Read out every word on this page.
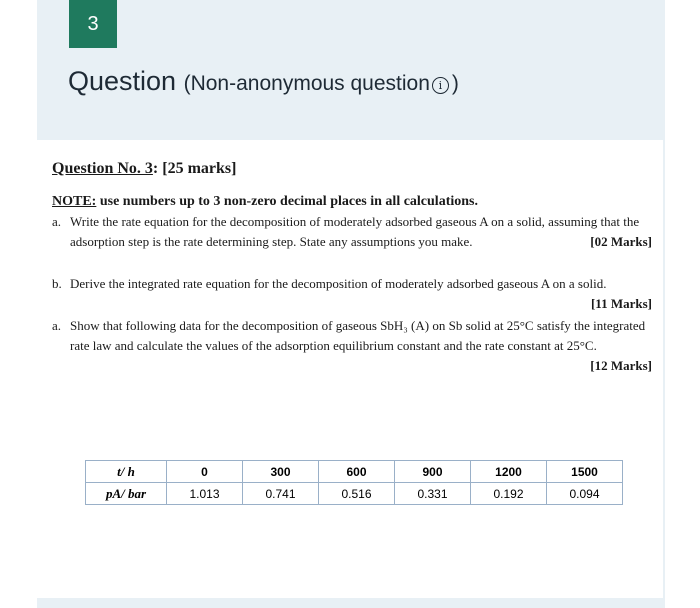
3
Question (Non-anonymous question i )
Question No. 3: [25 marks]
NOTE: use numbers up to 3 non-zero decimal places in all calculations.
a. Write the rate equation for the decomposition of moderately adsorbed gaseous A on a solid, assuming that the adsorption step is the rate determining step. State any assumptions you make.	[02 Marks]
b. Derive the integrated rate equation for the decomposition of moderately adsorbed gaseous A on a solid.
[11 Marks]
a. Show that following data for the decomposition of gaseous SbH₃ (A) on Sb solid at 25°C satisfy the integrated rate law and calculate the values of the adsorption equilibrium constant and the rate constant at 25°C.
[12 Marks]
t/ h	0	300	600	900	1200	1500
pA/ bar	1.013	0.741	0.516	0.331	0.192	0.094
